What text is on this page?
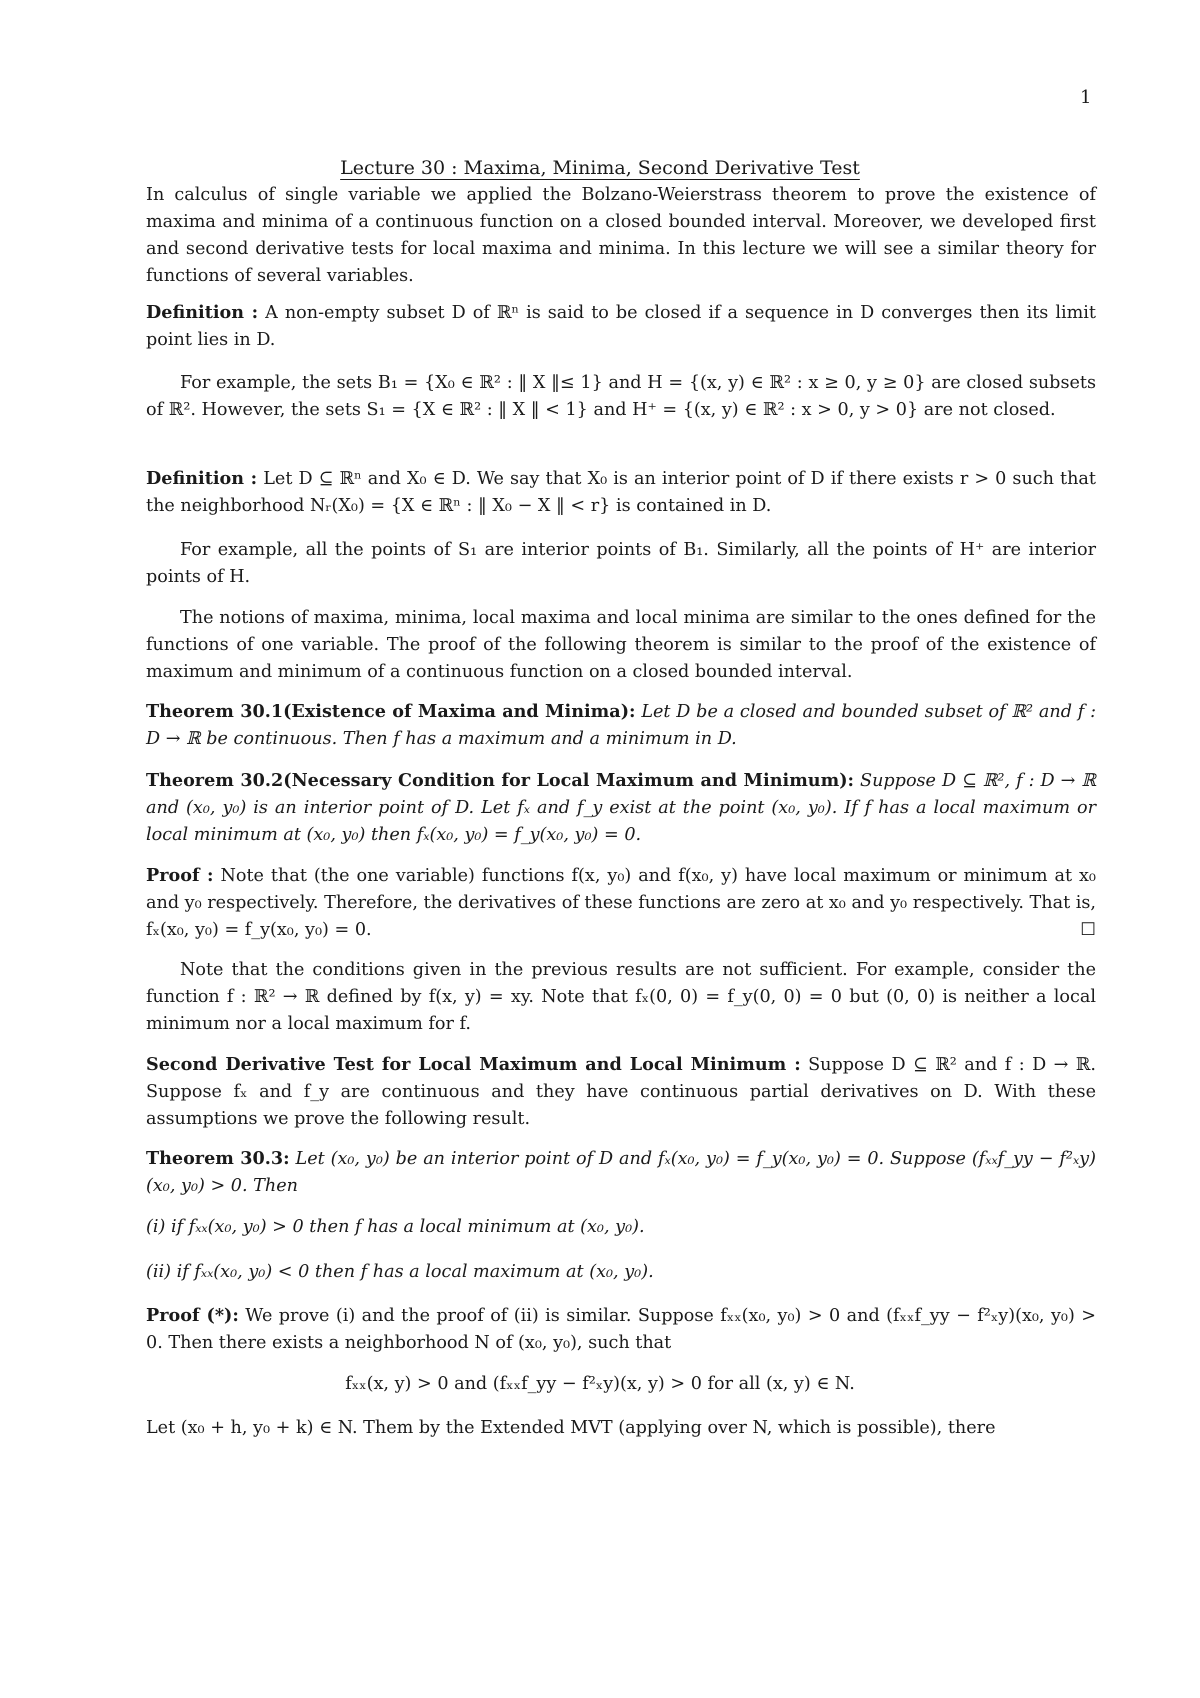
1
Lecture 30 : Maxima, Minima, Second Derivative Test
In calculus of single variable we applied the Bolzano-Weierstrass theorem to prove the existence of maxima and minima of a continuous function on a closed bounded interval. Moreover, we developed first and second derivative tests for local maxima and minima. In this lecture we will see a similar theory for functions of several variables.
Definition : A non-empty subset D of ℝⁿ is said to be closed if a sequence in D converges then its limit point lies in D.
For example, the sets B₁ = {X₀ ∈ ℝ² : ‖ X ‖≤ 1} and H = {(x, y) ∈ ℝ² : x ≥ 0, y ≥ 0} are closed subsets of ℝ². However, the sets S₁ = {X ∈ ℝ² : ‖ X ‖ < 1} and H⁺ = {(x, y) ∈ ℝ² : x > 0, y > 0} are not closed.
Definition : Let D ⊆ ℝⁿ and X₀ ∈ D. We say that X₀ is an interior point of D if there exists r > 0 such that the neighborhood Nᵣ(X₀) = {X ∈ ℝⁿ : ‖ X₀ − X ‖ < r} is contained in D.
For example, all the points of S₁ are interior points of B₁. Similarly, all the points of H⁺ are interior points of H.
The notions of maxima, minima, local maxima and local minima are similar to the ones defined for the functions of one variable. The proof of the following theorem is similar to the proof of the existence of maximum and minimum of a continuous function on a closed bounded interval.
Theorem 30.1(Existence of Maxima and Minima): Let D be a closed and bounded subset of ℝ² and f : D → ℝ be continuous. Then f has a maximum and a minimum in D.
Theorem 30.2(Necessary Condition for Local Maximum and Minimum): Suppose D ⊆ ℝ², f : D → ℝ and (x₀, y₀) is an interior point of D. Let fₓ and f_y exist at the point (x₀, y₀). If f has a local maximum or local minimum at (x₀, y₀) then fₓ(x₀, y₀) = f_y(x₀, y₀) = 0.
Proof : Note that (the one variable) functions f(x, y₀) and f(x₀, y) have local maximum or minimum at x₀ and y₀ respectively. Therefore, the derivatives of these functions are zero at x₀ and y₀ respectively. That is, fₓ(x₀, y₀) = f_y(x₀, y₀) = 0.	☐
Note that the conditions given in the previous results are not sufficient. For example, consider the function f : ℝ² → ℝ defined by f(x, y) = xy. Note that fₓ(0, 0) = f_y(0, 0) = 0 but (0, 0) is neither a local minimum nor a local maximum for f.
Second Derivative Test for Local Maximum and Local Minimum : Suppose D ⊆ ℝ² and f : D → ℝ. Suppose fₓ and f_y are continuous and they have continuous partial derivatives on D. With these assumptions we prove the following result.
Theorem 30.3: Let (x₀, y₀) be an interior point of D and fₓ(x₀, y₀) = f_y(x₀, y₀) = 0. Suppose (fₓₓf_yy − f²ₓy)(x₀, y₀) > 0. Then
(i) if fₓₓ(x₀, y₀) > 0 then f has a local minimum at (x₀, y₀).
(ii) if fₓₓ(x₀, y₀) < 0 then f has a local maximum at (x₀, y₀).
Proof (*): We prove (i) and the proof of (ii) is similar. Suppose fₓₓ(x₀, y₀) > 0 and (fₓₓf_yy − f²ₓy)(x₀, y₀) > 0. Then there exists a neighborhood N of (x₀, y₀), such that
fₓₓ(x, y) > 0 and (fₓₓf_yy − f²ₓy)(x, y) > 0 for all (x, y) ∈ N.
Let (x₀ + h, y₀ + k) ∈ N. Them by the Extended MVT (applying over N, which is possible), there
